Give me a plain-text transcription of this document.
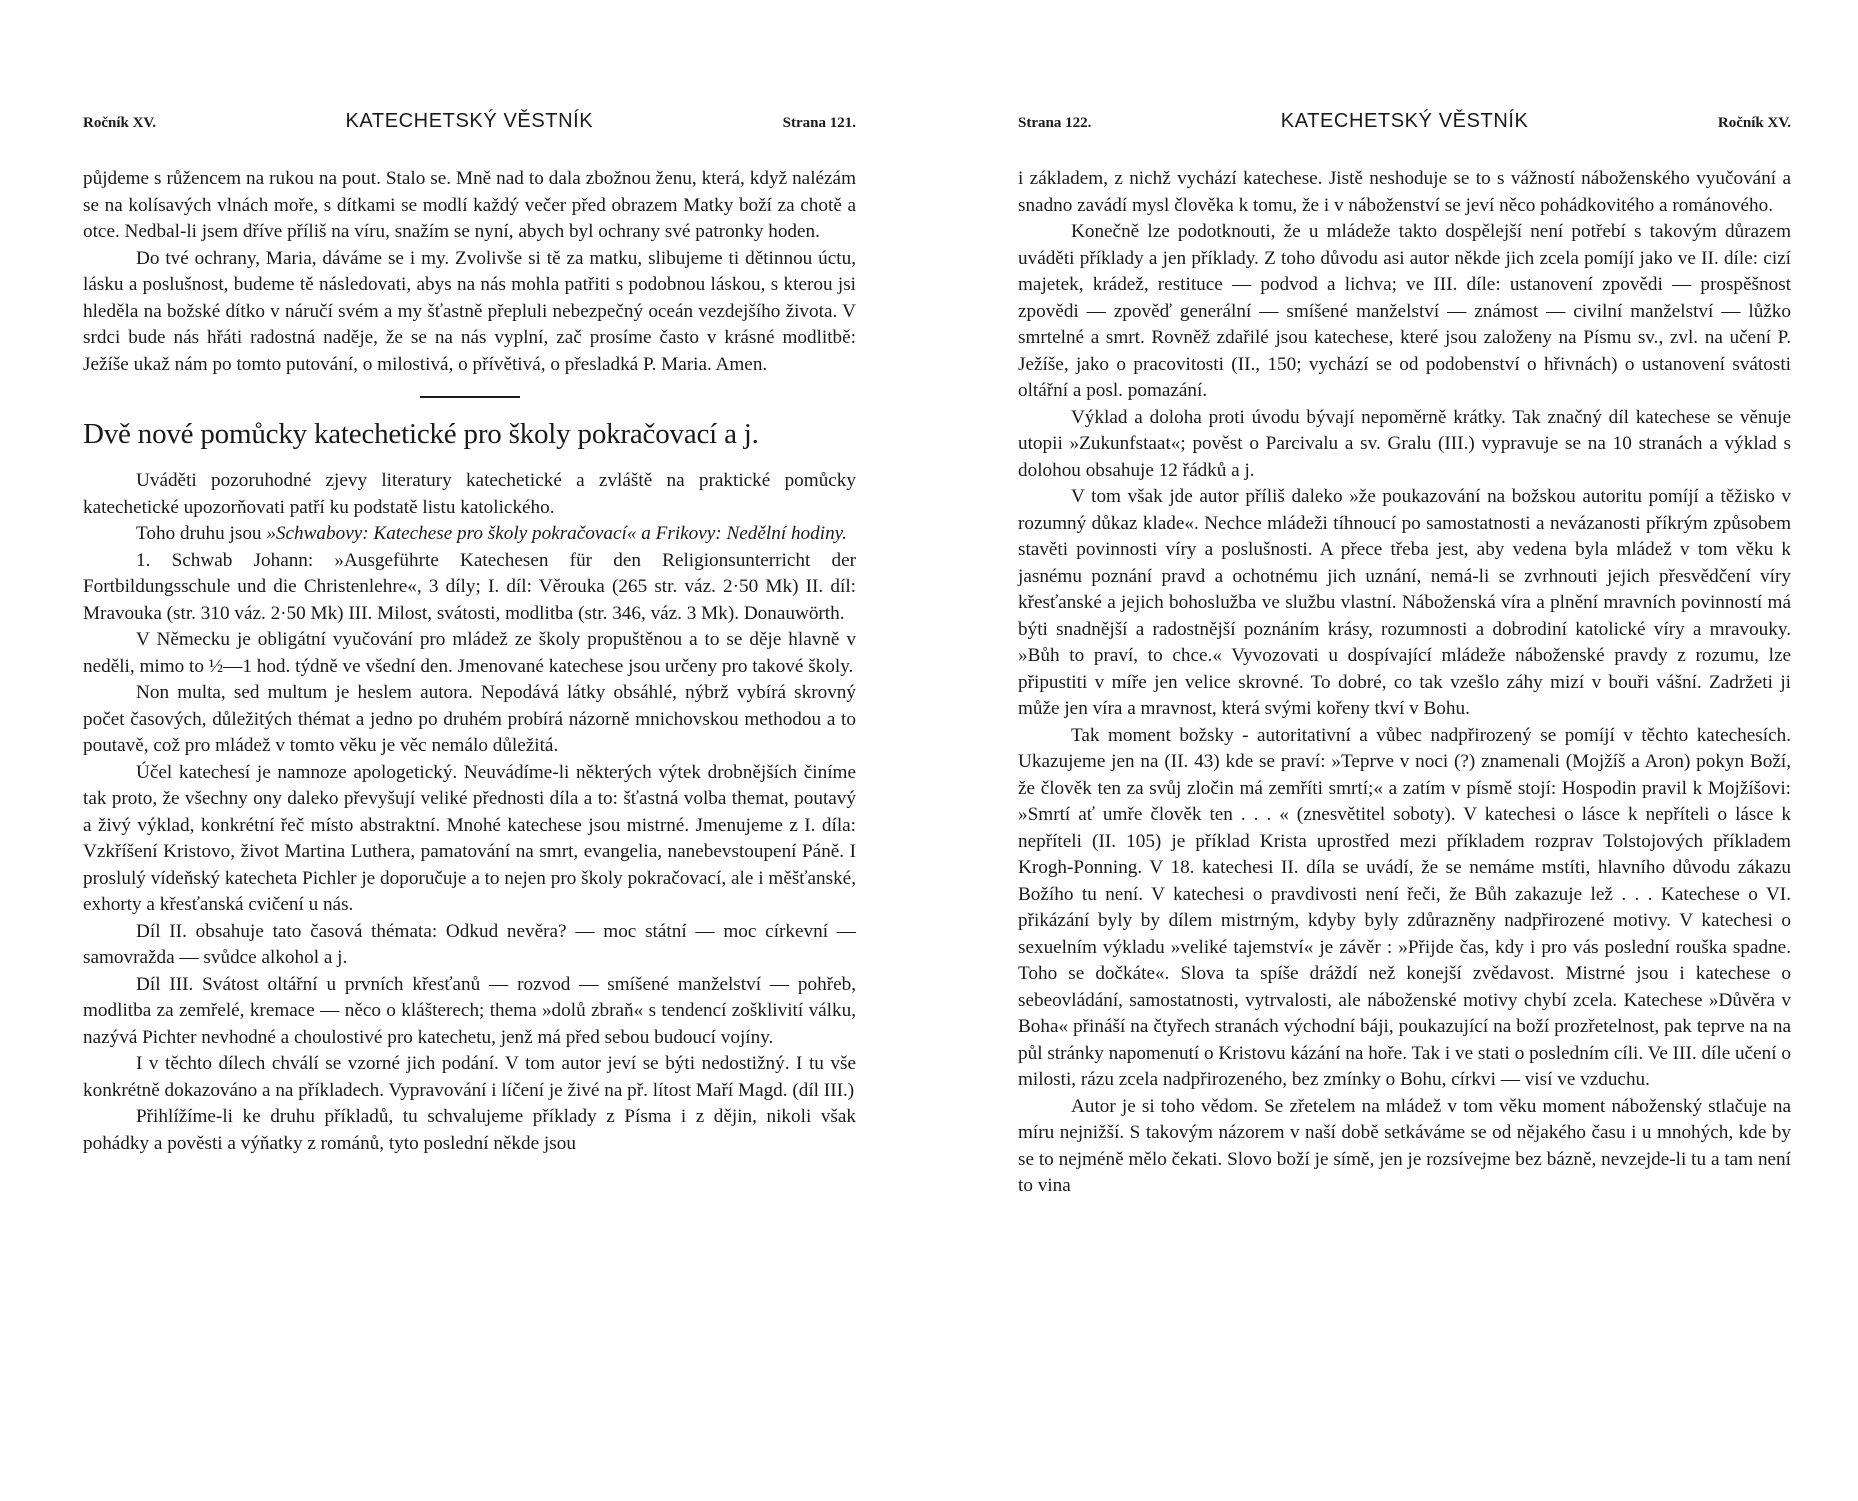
Ročník XV.	KATECHETSKÝ VĚSTNÍK	Strana 121.

půjdeme s růžencem na rukou na pout. Stalo se. Mně nad to dala zbožnou ženu, která, když nalézám se na kolísavých vlnách moře, s dítkami se modlí každý večer před obrazem Matky boží za chotě a otce. Nedbal-li jsem dříve příliš na víru, snažím se nyní, abych byl ochrany své patronky hoden.

Do tvé ochrany, Maria, dáváme se i my. Zvolivše si tě za matku, slibujeme ti dětinnou úctu, lásku a poslušnost, budeme tě následovati, abys na nás mohla patřiti s podobnou láskou, s kterou jsi hleděla na božské dítko v náručí svém a my šťastně přepluli nebezpečný oceán vezdejšího života. V srdci bude nás hřáti radostná naděje, že se na nás vyplní, zač prosíme často v krásné modlitbě: Ježíše ukaž nám po tomto putování, o milostivá, o přívětivá, o přesladká P. Maria. Amen.

Dvě nové pomůcky katechetické pro školy pokračovací a j.

Uváděti pozoruhodné zjevy literatury katechetické a zvláště na praktické pomůcky katechetické upozorňovati patří ku podstatě listu katolického.

Toho druhu jsou »Schwabovy: Katechese pro školy pokračovací« a Frikovy: Nedělní hodiny.

1. Schwab Johann: »Ausgeführte Katechesen für den Religionsunterricht der Fortbildungsschule und die Christenlehre«, 3 díly; I. díl: Věrouka (265 str. váz. 2·50 Mk) II. díl: Mravouka (str. 310 váz. 2·50 Mk) III. Milost, svátosti, modlitba (str. 346, váz. 3 Mk). Donauwörth.

V Německu je obligátní vyučování pro mládež ze školy propuštěnou a to se děje hlavně v neděli, mimo to ½—1 hod. týdně ve všední den. Jmenované katechese jsou určeny pro takové školy.

Non multa, sed multum je heslem autora. Nepodává látky obsáhlé, nýbrž vybírá skrovný počet časových, důležitých thémat a jedno po druhém probírá názorně mnichovskou methodou a to poutavě, což pro mládež v tomto věku je věc nemálo důležitá.

Účel katechesí je namnoze apologetický. Neuvádíme-li některých výtek drobnějších činíme tak proto, že všechny ony daleko převyšují veliké přednosti díla a to: šťastná volba themat, poutavý a živý výklad, konkrétní řeč místo abstraktní. Mnohé katechese jsou mistrné. Jmenujeme z I. díla: Vzkříšení Kristovo, život Martina Luthera, pamatování na smrt, evangelia, nanebevstoupení Páně. I proslulý vídeňský katecheta Pichler je doporučuje a to nejen pro školy pokračovací, ale i měšťanské, exhorty a křesťanská cvičení u nás.

Díl II. obsahuje tato časová thémata: Odkud nevěra? — moc státní — moc církevní — samovražda — svůdce alkohol a j.

Díl III. Svátost oltářní u prvních křesťanů — rozvod — smíšené manželství — pohřeb, modlitba za zemřelé, kremace — něco o klášterech; thema »dolů zbraň« s tendencí zošklivití válku, nazývá Pichter nevhodné a choulostivé pro katechetu, jenž má před sebou budoucí vojíny.

I v těchto dílech chválí se vzorné jich podání. V tom autor jeví se býti nedostižný. I tu vše konkrétně dokazováno a na příkladech. Vypravování i líčení je živé na př. lítost Maří Magd. (díl III.)

Přihlížíme-li ke druhu příkladů, tu schvalujeme příklady z Písma i z dějin, nikoli však pohádky a pověsti a výňatky z románů, tyto poslední někde jsou

Strana 122.	KATECHETSKÝ VĚSTNÍK	Ročník XV.

i základem, z nichž vychází katechese. Jistě neshoduje se to s vážností náboženského vyučování a snadno zavádí mysl člověka k tomu, že i v náboženství se jeví něco pohádkovitého a románového.

Konečně lze podotknouti, že u mládeže takto dospělejší není potřebí s takovým důrazem uváděti příklady a jen příklady. Z toho důvodu asi autor někde jich zcela pomíjí jako ve II. díle: cizí majetek, krádež, restituce — podvod a lichva; ve III. díle: ustanovení zpovědi — prospěšnost zpovědi — zpověď generální — smíšené manželství — známost — civilní manželství — lůžko smrtelné a smrt. Rovněž zdařilé jsou katechese, které jsou založeny na Písmu sv., zvl. na učení P. Ježíše, jako o pracovitosti (II., 150; vychází se od podobenství o hřivnách) o ustanovení svátosti oltářní a posl. pomazání.

Výklad a doloha proti úvodu bývají nepoměrně krátky. Tak značný díl katechese se věnuje utopii »Zukunfstaat«; pověst o Parcivalu a sv. Gralu (III.) vypravuje se na 10 stranách a výklad s dolohou obsahuje 12 řádků a j.

V tom však jde autor příliš daleko »že poukazování na božskou autoritu pomíjí a těžisko v rozumný důkaz klade«. Nechce mládeži tíhnoucí po samostatnosti a nevázanosti příkrým způsobem stavěti povinnosti víry a poslušnosti. A přece třeba jest, aby vedena byla mládež v tom věku k jasnému poznání pravd a ochotnému jich uznání, nemá-li se zvrhnouti jejich přesvědčení víry křesťanské a jejich bohoslužba ve službu vlastní. Náboženská víra a plnění mravních povinností má býti snadnější a radostnější poznáním krásy, rozumnosti a dobrodiní katolické víry a mravouky. »Bůh to praví, to chce.« Vyvozovati u dospívající mládeže náboženské pravdy z rozumu, lze připustiti v míře jen velice skrovné. To dobré, co tak vzešlo záhy mizí v bouři vášní. Zadržeti ji může jen víra a mravnost, která svými kořeny tkví v Bohu.

Tak moment božsky - autoritativní a vůbec nadpřirozený se pomíjí v těchto katechesích. Ukazujeme jen na (II. 43) kde se praví: »Teprve v noci (?) znamenali (Mojžíš a Aron) pokyn Boží, že člověk ten za svůj zločin má zemříti smrtí;« a zatím v písmě stojí: Hospodin pravil k Mojžíšovi: »Smrtí ať umře člověk ten . . . « (znesvětitel soboty). V katechesi o lásce k nepříteli o lásce k nepříteli (II. 105) je příklad Krista uprostřed mezi příkladem rozprav Tolstojových příkladem Krogh-Ponning. V 18. katechesi II. díla se uvádí, že se nemáme mstíti, hlavního důvodu zákazu Božího tu není. V katechesi o pravdivosti není řeči, že Bůh zakazuje lež . . . Katechese o VI. přikázání byly by dílem mistrným, kdyby byly zdůrazněny nadpřirozené motivy. V katechesi o sexuelním výkladu »veliké tajemství« je závěr : »Přijde čas, kdy i pro vás poslední rouška spadne. Toho se dočkáte«. Slova ta spíše dráždí než konejší zvědavost. Mistrné jsou i katechese o sebeovládání, samostatnosti, vytrvalosti, ale náboženské motivy chybí zcela. Katechese »Důvěra v Boha« přináší na čtyřech stranách východní báji, poukazující na boží prozřetelnost, pak teprve na na půl stránky napomenutí o Kristovu kázání na hoře. Tak i ve stati o posledním cíli. Ve III. díle učení o milosti, rázu zcela nadpřirozeného, bez zmínky o Bohu, církvi — visí ve vzduchu.

Autor je si toho vědom. Se zřetelem na mládež v tom věku moment náboženský stlačuje na míru nejnižší. S takovým názorem v naší době setkáváme se od nějakého času i u mnohých, kde by se to nejméně mělo čekati. Slovo boží je símě, jen je rozsívejme bez bázně, nevzejde-li tu a tam není to vina
